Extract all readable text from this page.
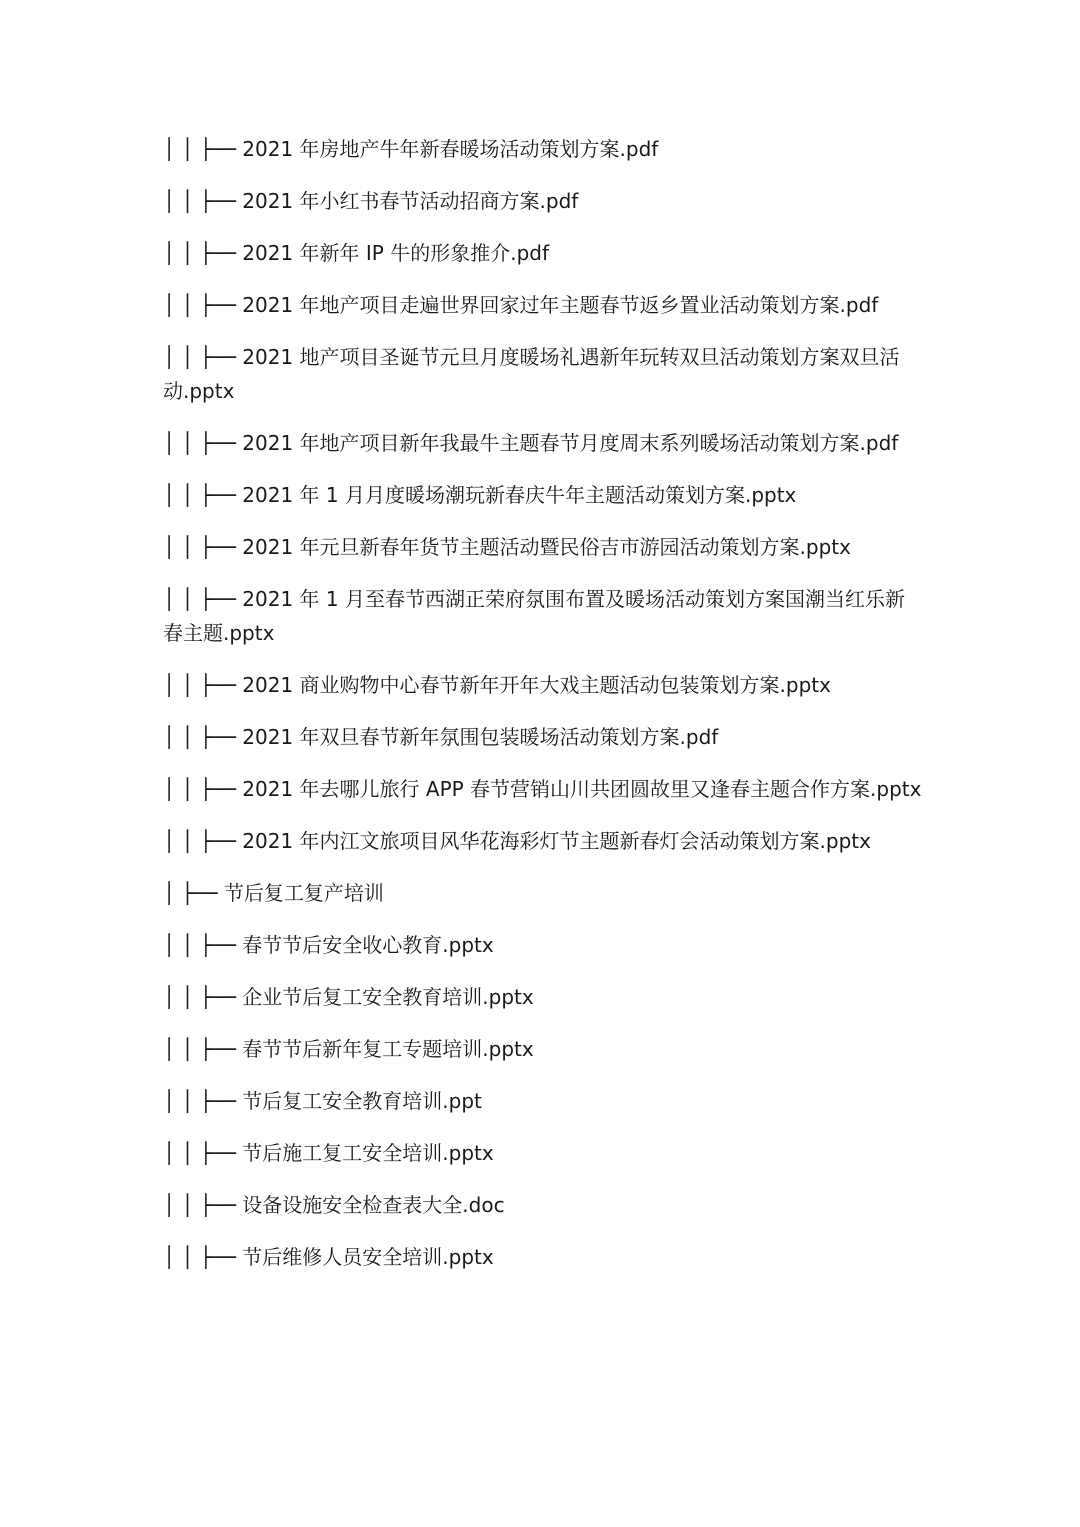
│ │ ├── 2021 年房地产牛年新春暖场活动策划方案.pdf
│ │ ├── 2021 年小红书春节活动招商方案.pdf
│ │ ├── 2021 年新年 IP 牛的形象推介.pdf
│ │ ├── 2021 年地产项目走遍世界回家过年主题春节返乡置业活动策划方案.pdf
│ │ ├── 2021 地产项目圣诞节元旦月度暖场礼遇新年玩转双旦活动策划方案双旦活动.pptx
│ │ ├── 2021 年地产项目新年我最牛主题春节月度周末系列暖场活动策划方案.pdf
│ │ ├── 2021 年 1 月月度暖场潮玩新春庆牛年主题活动策划方案.pptx
│ │ ├── 2021 年元旦新春年货节主题活动暨民俗吉市游园活动策划方案.pptx
│ │ ├── 2021 年 1 月至春节西湖正荣府氛围布置及暖场活动策划方案国潮当红乐新春主题.pptx
│ │ ├── 2021 商业购物中心春节新年开年大戏主题活动包装策划方案.pptx
│ │ ├── 2021 年双旦春节新年氛围包装暖场活动策划方案.pdf
│ │ ├── 2021 年去哪儿旅行 APP 春节营销山川共团圆故里又逢春主题合作方案.pptx
│ │ ├── 2021 年内江文旅项目风华花海彩灯节主题新春灯会活动策划方案.pptx
│ ├── 节后复工复产培训
│ │ ├── 春节节后安全收心教育.pptx
│ │ ├── 企业节后复工安全教育培训.pptx
│ │ ├── 春节节后新年复工专题培训.pptx
│ │ ├── 节后复工安全教育培训.ppt
│ │ ├── 节后施工复工安全培训.pptx
│ │ ├── 设备设施安全检查表大全.doc
│ │ ├── 节后维修人员安全培训.pptx
